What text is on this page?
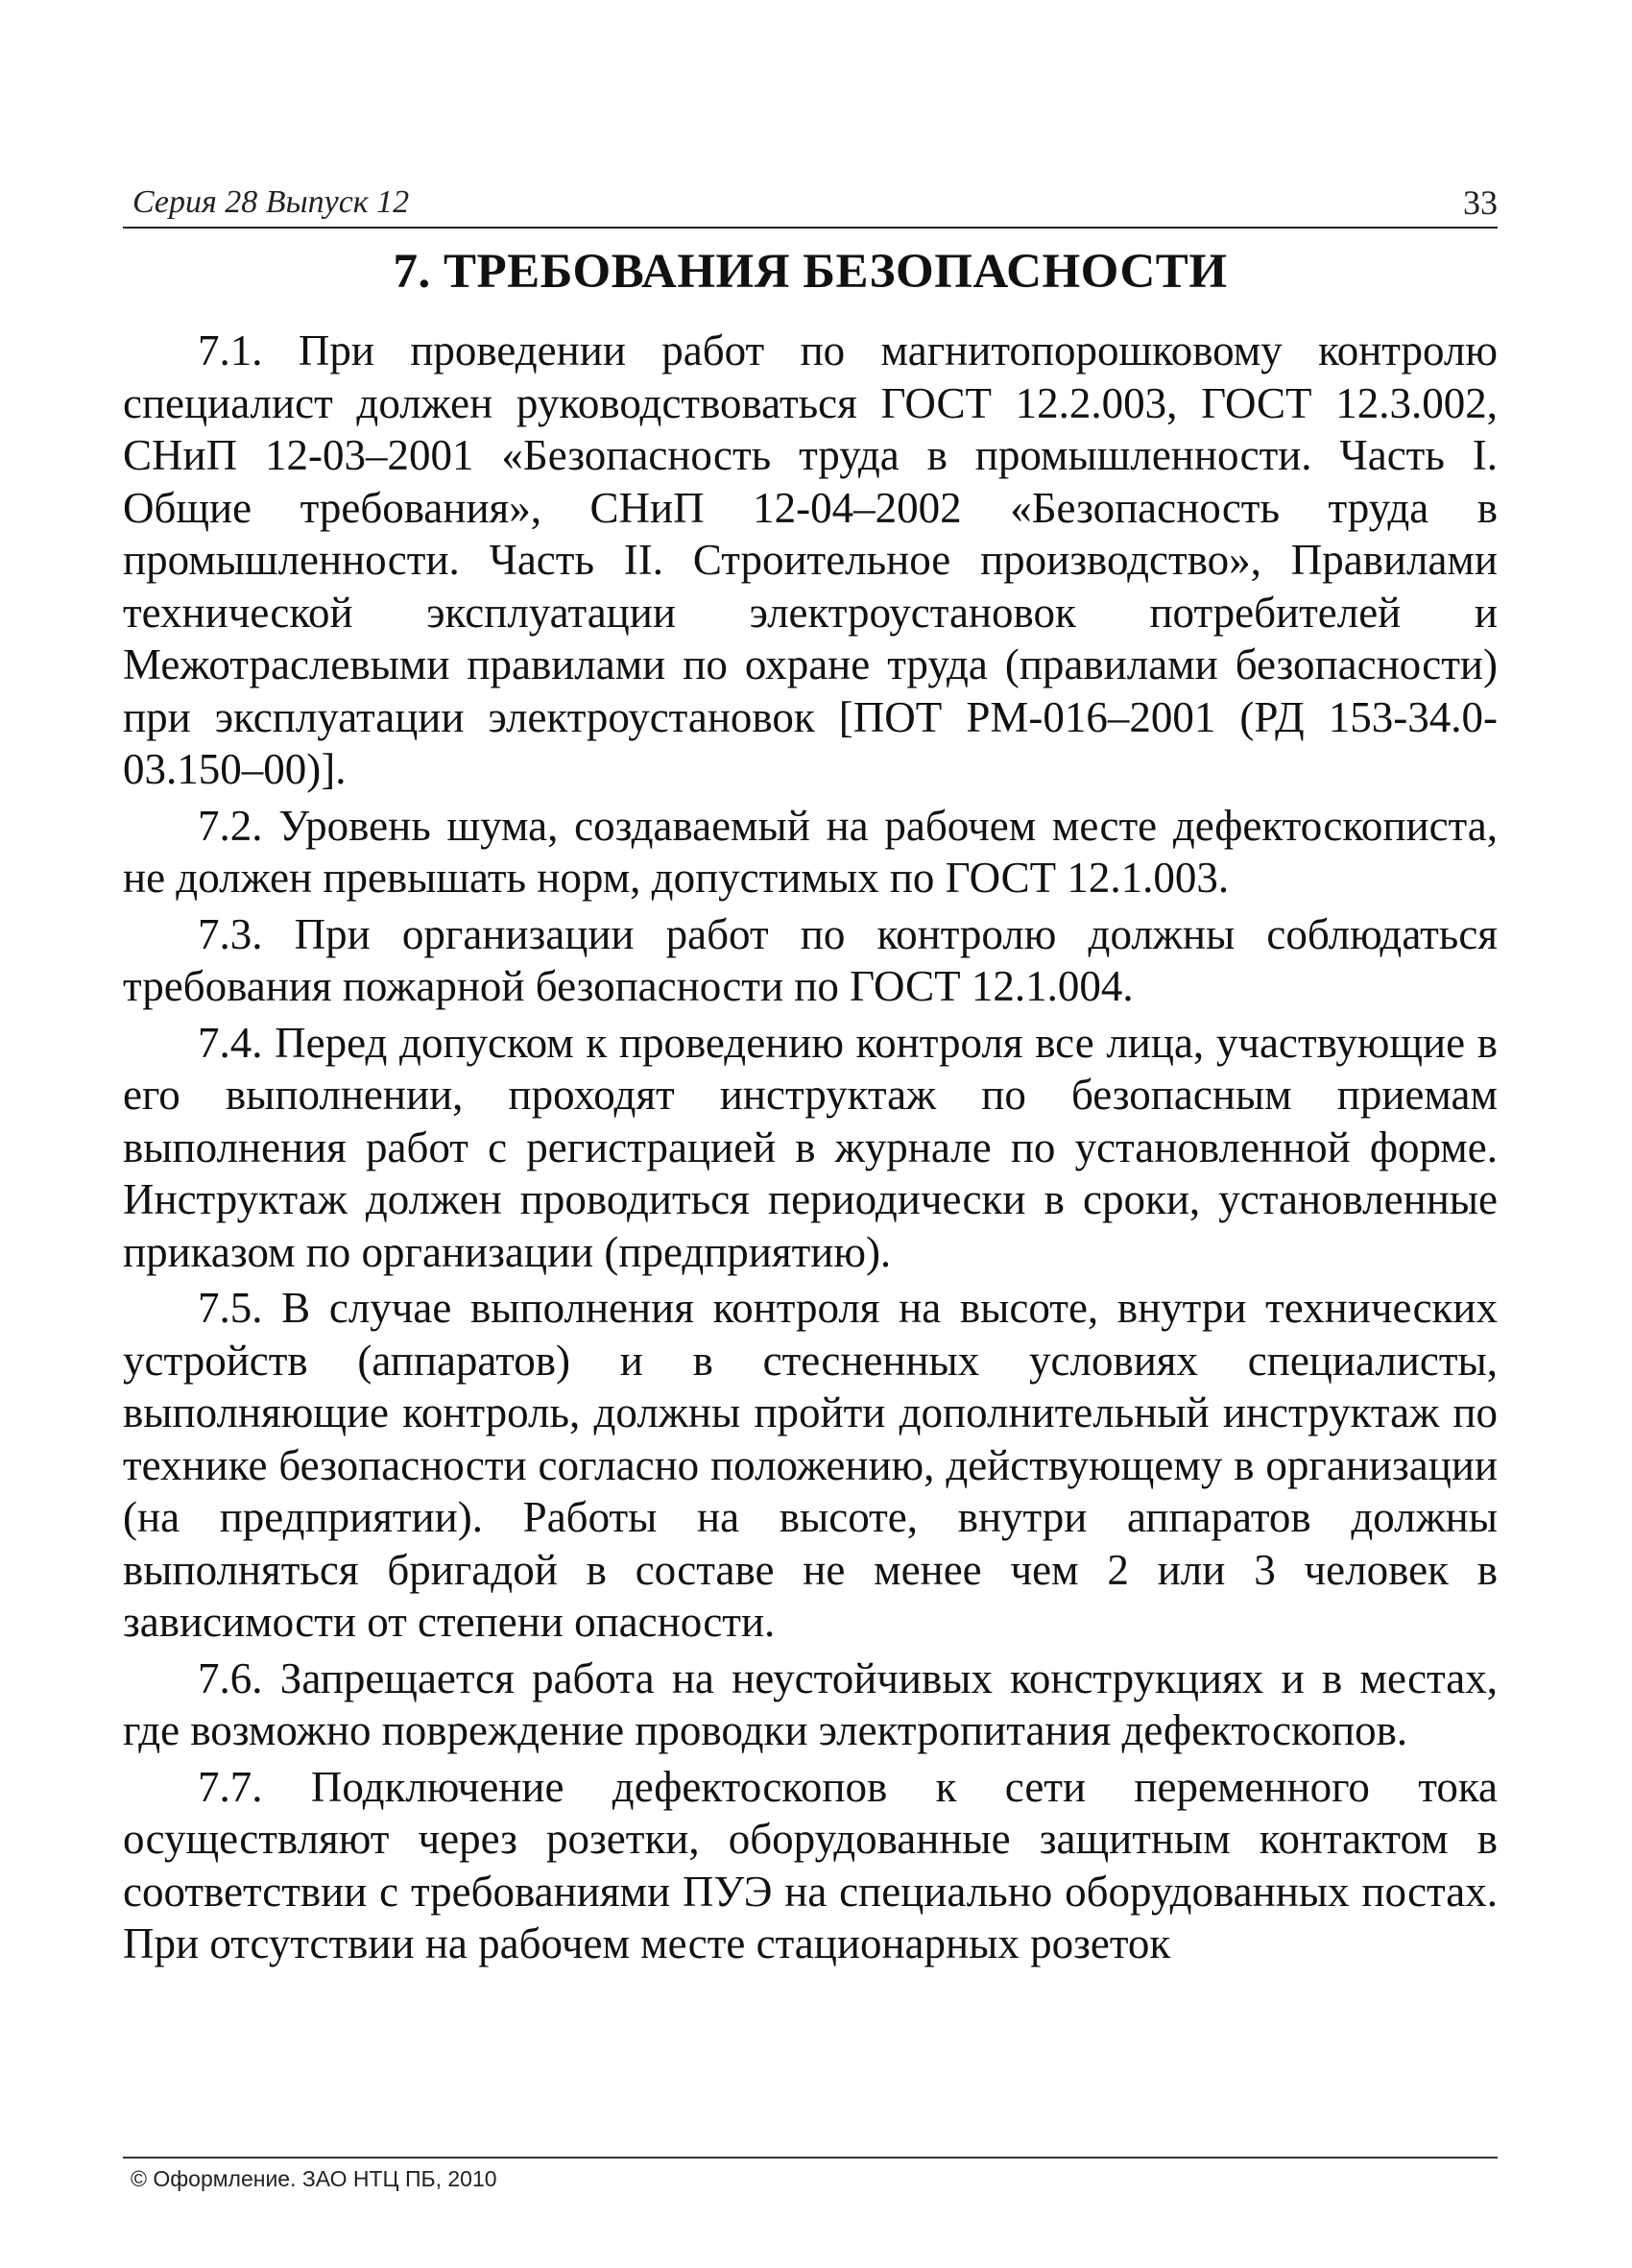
Серия 28 Выпуск 12	33
7. ТРЕБОВАНИЯ БЕЗОПАСНОСТИ

7.1. При проведении работ по магнитопорошковому контролю специалист должен руководствоваться ГОСТ 12.2.003, ГОСТ 12.3.002, СНиП 12-03–2001 «Безопасность труда в промышленности. Часть I. Общие требования», СНиП 12-04–2002 «Безопасность труда в промышленности. Часть II. Строительное производство», Правилами технической эксплуатации электроустановок потребителей и Межотраслевыми правилами по охране труда (правилами безопасности) при эксплуатации электроустановок [ПОТ РМ-016–2001 (РД 153-34.0-03.150–00)].

7.2. Уровень шума, создаваемый на рабочем месте дефектоскописта, не должен превышать норм, допустимых по ГОСТ 12.1.003.

7.3. При организации работ по контролю должны соблюдаться требования пожарной безопасности по ГОСТ 12.1.004.

7.4. Перед допуском к проведению контроля все лица, участвующие в его выполнении, проходят инструктаж по безопасным приемам выполнения работ с регистрацией в журнале по установленной форме. Инструктаж должен проводиться периодически в сроки, установленные приказом по организации (предприятию).

7.5. В случае выполнения контроля на высоте, внутри технических устройств (аппаратов) и в стесненных условиях специалисты, выполняющие контроль, должны пройти дополнительный инструктаж по технике безопасности согласно положению, действующему в организации (на предприятии). Работы на высоте, внутри аппаратов должны выполняться бригадой в составе не менее чем 2 или 3 человек в зависимости от степени опасности.

7.6. Запрещается работа на неустойчивых конструкциях и в местах, где возможно повреждение проводки электропитания дефектоскопов.

7.7. Подключение дефектоскопов к сети переменного тока осуществляют через розетки, оборудованные защитным контактом в соответствии с требованиями ПУЭ на специально оборудованных постах. При отсутствии на рабочем месте стационарных розеток

© Оформление. ЗАО НТЦ ПБ, 2010
